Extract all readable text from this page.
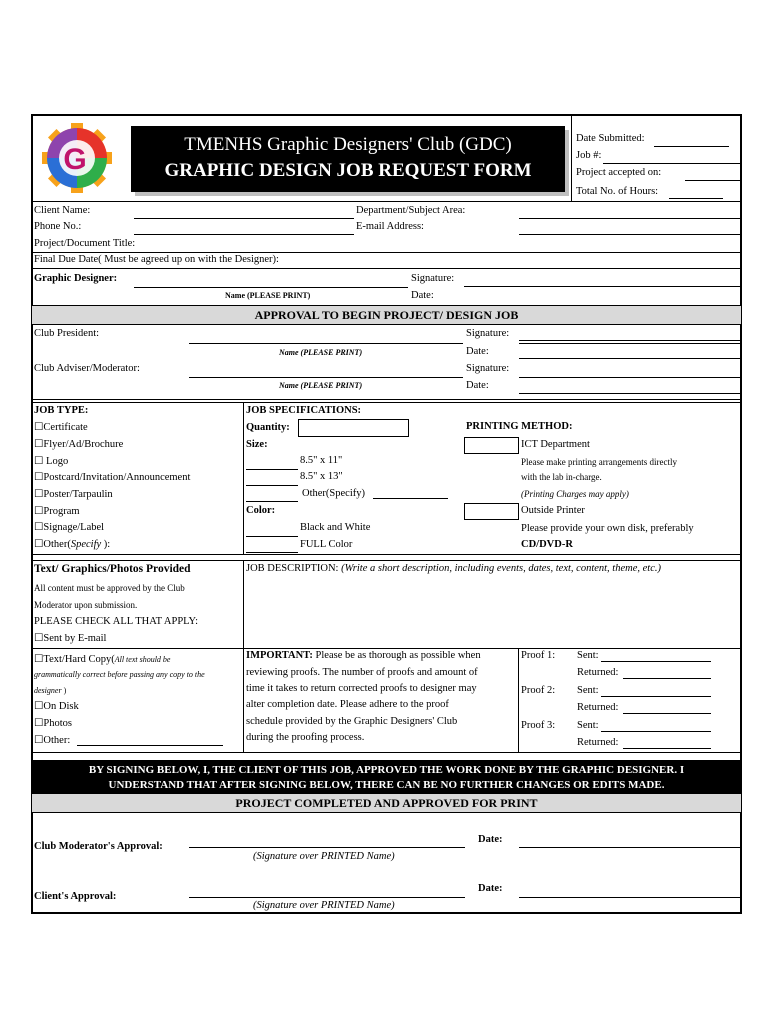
G	TMENHS Graphic Designers' Club (GDC)
GRAPHIC DESIGN JOB REQUEST FORM
Date Submitted:
Job #:
Project accepted on:
Total No. of Hours:
Client Name:	Department/Subject Area:
Phone No.:	E-mail Address:
Project/Document Title:
Final Due Date( Must be agreed up on with the Designer):
Graphic Designer:	Signature:
Name (PLEASE PRINT)	Date:
APPROVAL TO BEGIN PROJECT/ DESIGN JOB
Club President:	Signature:
Name (PLEASE PRINT)	Date:
Club Adviser/Moderator:	Signature:
Name (PLEASE PRINT)	Date:
JOB TYPE:
☐Certificate
☐Flyer/Ad/Brochure
☐ Logo
☐Postcard/Invitation/Announcement
☐Poster/Tarpaulin
☐Program
☐Signage/Label
☐Other(Specify ):
JOB SPECIFICATIONS:
Quantity:
Size:
8.5" x 11"
8.5" x 13"
Other(Specify)
Color:
Black and White
FULL Color
PRINTING METHOD:
ICT Department
Please make printing arrangements directly
with the lab in-charge.
(Printing Charges may apply)
Outside Printer
Please provide your own disk, preferably
CD/DVD-R
Text/ Graphics/Photos Provided
All content must be approved by the Club
Moderator upon submission.
PLEASE CHECK ALL THAT APPLY:
☐Sent by E-mail
☐Text/Hard Copy(All text should be
grammatically correct before passing any copy to the
designer )
☐On Disk
☐Photos
☐Other:
JOB DESCRIPTION: (Write a short description, including events, dates, text, content, theme, etc.)
IMPORTANT: Please be as thorough as possible when
reviewing proofs. The number of proofs and amount of
time it takes to return corrected proofs to designer may
alter completion date. Please adhere to the proof
schedule provided by the Graphic Designers' Club
during the proofing process.
Proof 1: Sent:
Returned:
Proof 2: Sent:
Returned:
Proof 3: Sent:
Returned:
BY SIGNING BELOW, I, THE CLIENT OF THIS JOB, APPROVED THE WORK DONE BY THE GRAPHIC DESIGNER. I UNDERSTAND THAT AFTER SIGNING BELOW, THERE CAN BE NO FURTHER CHANGES OR EDITS MADE.
PROJECT COMPLETED AND APPROVED FOR PRINT
Club Moderator's Approval:
(Signature over PRINTED Name)
Date:
Client's Approval:
(Signature over PRINTED Name)
Date:
